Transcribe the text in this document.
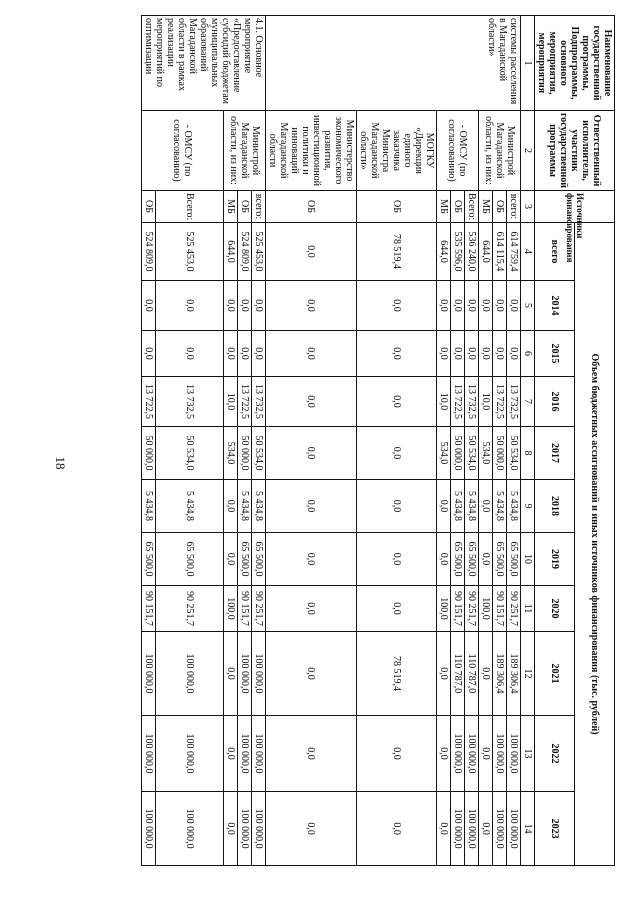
18
Наименование государственной программы, Подпрограммы, основного мероприятия, мероприятия	Ответственный исполнитель, участник государственной программы	Источники финансирования	Объем бюджетных ассигнований и иных источников финансирования (тыс. рублей)										
			всего	2014	2015	2016	2017	2018	2019	2020	2021	2022	2023
1	2	3	4	5	6	7	8	9	10	11	12	13	14
системы расселения в Магаданской области»	Министрой Магаданской области, из них:	всего:	614 759,4	0,0	0,0	13 732,5	50 534,0	5 434,8	65 500,0	90 251,7	189 306,4	100 000,0	100 000,0
		ОБ	614 115,4	0,0	0,0	13 722,5	50 000,0	5 434,8	65 500,0	90 151,7	189 306,4	100 000,0	100 000,0
		МБ	644,0	0,0	0,0	10,0	534,0	0,0	0,0	100,0	0,0	0,0	0,0
	- ОМСУ (по согласованию)	Всего:	536 240,0	0,0	0,0	13 732,5	50 534,0	5 434,8	65 500,0	90 251,7	110 787,0	100 000,0	100 000,0
		ОБ	535 596,0	0,0	0,0	13 722,5	50 000,0	5 434,8	65 500,0	90 151,7	110 787,0	100 000,0	100 000,0
		МБ	644,0	0,0	0,0	10,0	534,0	0,0	0,0	100,0	0,0	0,0	0,0
	МОГКУ «Дирекция единого заказчика Министра Магаданской области»	ОБ	78 519,4	0,0	0,0	0,0	0,0	0,0	0,0	0,0	78 519,4	0,0	0,0
	Министерство экономического развития, инвестиционной политики и инноваций Магаданской области	ОБ	0,0	0,0	0,0	0,0	0,0	0,0	0,0	0,0	0,0	0,0	0,0
4.1. Основное мероприятие «Предоставление субсидий бюджетам муниципальных образований Магаданской области в рамках реализации мероприятий по оптимизации	Министрой Магаданской области, из них:	всего:	525 453,0	0,0	0,0	13 732,5	50 534,0	5 434,8	65 500,0	90 251,7	100 000,0	100 000,0	100 000,0
		ОБ	524 809,0	0,0	0,0	13 722,5	50 000,0	5 434,8	65 500,0	90 151,7	100 000,0	100 000,0	100 000,0
		МБ	644,0	0,0	0,0	10,0	534,0	0,0	0,0	100,0	0,0	0,0	0,0
	- ОМСУ (по согласованию)	Всего:	525 453,0	0,0	0,0	13 732,5	50 534,0	5 434,8	65 500,0	90 251,7	100 000,0	100 000,0	100 000,0
		ОБ	524 809,0	0,0	0,0	13 722,5	50 000,0	5 434,8	65 500,0	90 151,7	100 000,0	100 000,0	100 000,0
